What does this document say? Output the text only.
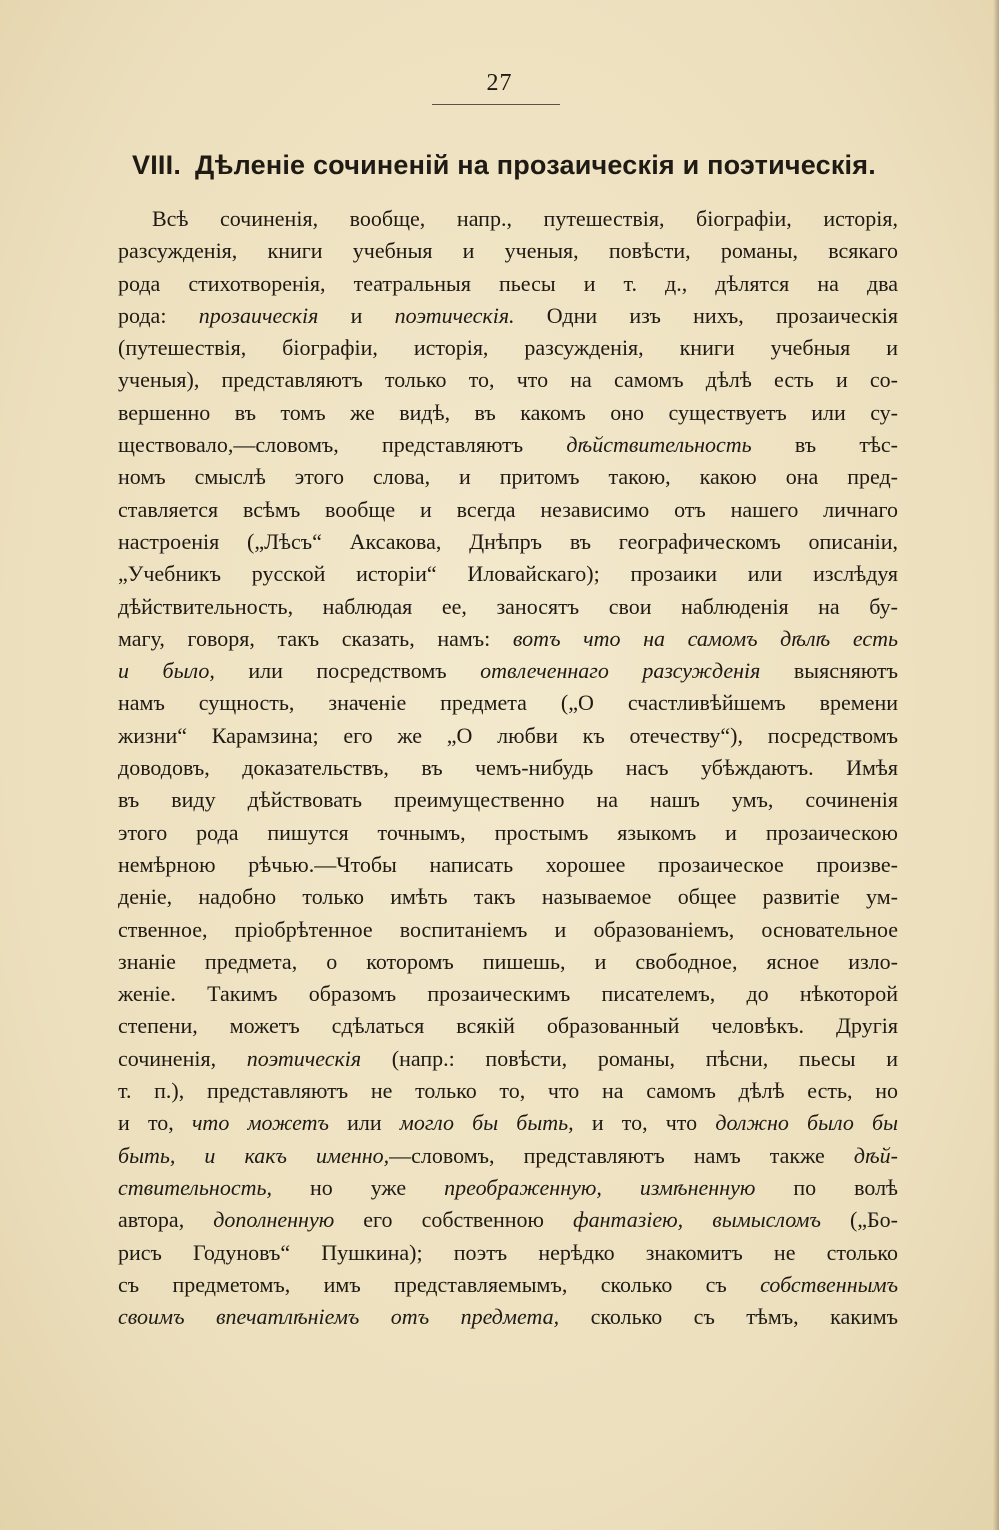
27
VIII. Дѣленіе сочиненій на прозаическія и поэтическія.
Всѣ сочиненія, вообще, напр., путешествія, біографіи, исторія,
разсужденія, книги учебныя и ученыя, повѣсти, романы, всякаго
рода стихотворенія, театральныя пьесы и т. д., дѣлятся на два
рода: прозаическія и поэтическія. Одни изъ нихъ, прозаическія
(путешествія, біографіи, исторія, разсужденія, книги учебныя и
ученыя), представляютъ только то, что на самомъ дѣлѣ есть и со-
вершенно въ томъ же видѣ, въ какомъ оно существуетъ или су-
ществовало,—словомъ, представляютъ дѣйствительность въ тѣс-
номъ смыслѣ этого слова, и притомъ такою, какою она пред-
ставляется всѣмъ вообще и всегда независимо отъ нашего личнаго
настроенія („Лѣсъ“ Аксакова, Днѣпръ въ географическомъ описаніи,
„Учебникъ русской исторіи“ Иловайскаго); прозаики или изслѣдуя
дѣйствительность, наблюдая ее, заносятъ свои наблюденія на бу-
магу, говоря, такъ сказать, намъ: вотъ что на самомъ дѣлѣ есть
и было, или посредствомъ отвлеченнаго разсужденія выясняютъ
намъ сущность, значеніе предмета („О счастливѣйшемъ времени
жизни“ Карамзина; его же „О любви къ отечеству“), посредствомъ
доводовъ, доказательствъ, въ чемъ-нибудь насъ убѣждаютъ. Имѣя
въ виду дѣйствовать преимущественно на нашъ умъ, сочиненія
этого рода пишутся точнымъ, простымъ языкомъ и прозаическою
немѣрною рѣчью.—Чтобы написать хорошее прозаическое произве-
деніе, надобно только имѣть такъ называемое общее развитіе ум-
ственное, пріобрѣтенное воспитаніемъ и образованіемъ, основательное
знаніе предмета, о которомъ пишешь, и свободное, ясное изло-
женіе. Такимъ образомъ прозаическимъ писателемъ, до нѣкоторой
степени, можетъ сдѣлаться всякій образованный человѣкъ. Другія
сочиненія, поэтическія (напр.: повѣсти, романы, пѣсни, пьесы и
т. п.), представляютъ не только то, что на самомъ дѣлѣ есть, но
и то, что можетъ или могло бы быть, и то, что должно было бы
быть, и какъ именно,—словомъ, представляютъ намъ также дѣй-
ствительность, но уже преображенную, измѣненную по волѣ
автора, дополненную его собственною фантазіею, вымысломъ („Бо-
рисъ Годуновъ“ Пушкина); поэтъ нерѣдко знакомитъ не столько
съ предметомъ, имъ представляемымъ, сколько съ собственнымъ
своимъ впечатлѣніемъ отъ предмета, сколько съ тѣмъ, какимъ
